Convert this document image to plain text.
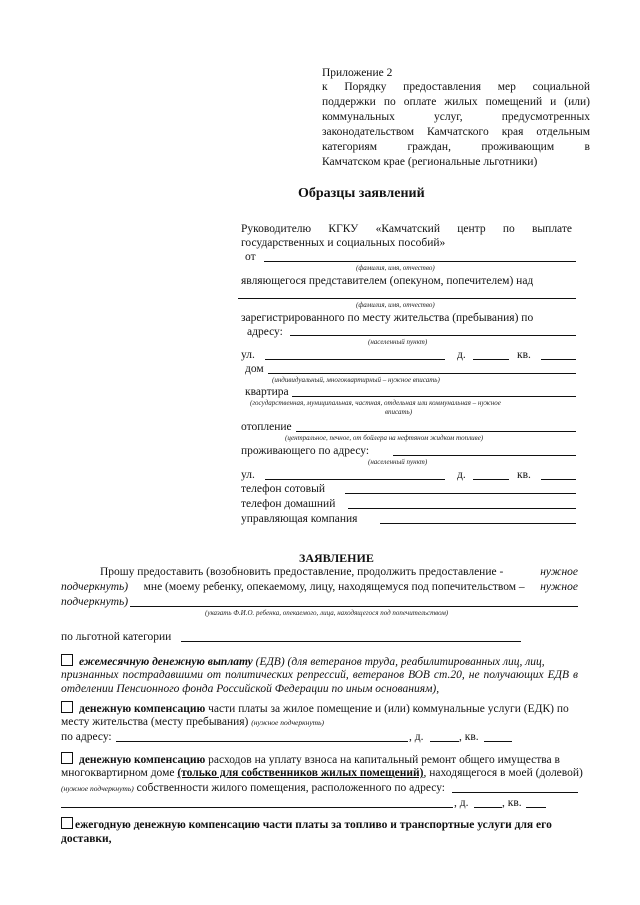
Приложение 2
к Порядку предоставления мер социальной
поддержки по оплате жилых помещений и (или)
коммунальных услуг, предусмотренных
законодательством Камчатского края отдельным
категориям граждан, проживающим в
Камчатском крае (региональные льготники)
Образцы заявлений
Руководителю КГКУ «Камчатский центр по выплате
государственных и социальных пособий»
от
(фамилия, имя, отчество)
являющегося представителем (опекуном, попечителем) над
(фамилия, имя, отчество)
зарегистрированного по месту жительства (пребывания) по
адресу:
(населенный пункт)
ул.	д.	кв.
дом
(индивидуальный, многоквартирный – нужное вписать)
квартира
(государственная, муниципальная, частная, отдельная или коммунальная – нужное
вписать)
отопление
(центральное, печное, от бойлера на нефтяном жидком топливе)
проживающего по адресу:
(населенный пункт)
ул.	д.	кв.
телефон сотовый
телефон домашний
управляющая компания
ЗАЯВЛЕНИЕ
Прошу предоставить (возобновить предоставление, продолжить предоставление -	нужное
подчеркнуть) мне (моему ребенку, опекаемому, лицу, находящемуся под попечительством – нужное
подчеркнуть)
(указать Ф.И.О. ребенка, опекаемого, лица, находящегося под попечительством)
по льготной категории
ежемесячную денежную выплату (ЕДВ) (для ветеранов труда, реабилитированных лиц, лиц,
признанных пострадавшими от политических репрессий, ветеранов ВОВ ст.20, не получающих ЕДВ в
отделении Пенсионного фонда Российской Федерации по иным основаниям),
денежную компенсацию части платы за жилое помещение и (или) коммунальные услуги (ЕДК) по
месту жительства (месту пребывания) (нужное подчеркнуть)
по адресу:	, д.	, кв.
денежную компенсацию расходов на уплату взноса на капитальный ремонт общего имущества в
многоквартирном доме (только для собственников жилых помещений), находящегося в моей (долевой)
(нужное подчеркнуть) собственности жилого помещения, расположенного по адресу:
, д.	, кв.
ежегодную денежную компенсацию части платы за топливо и транспортные услуги для его
доставки,
